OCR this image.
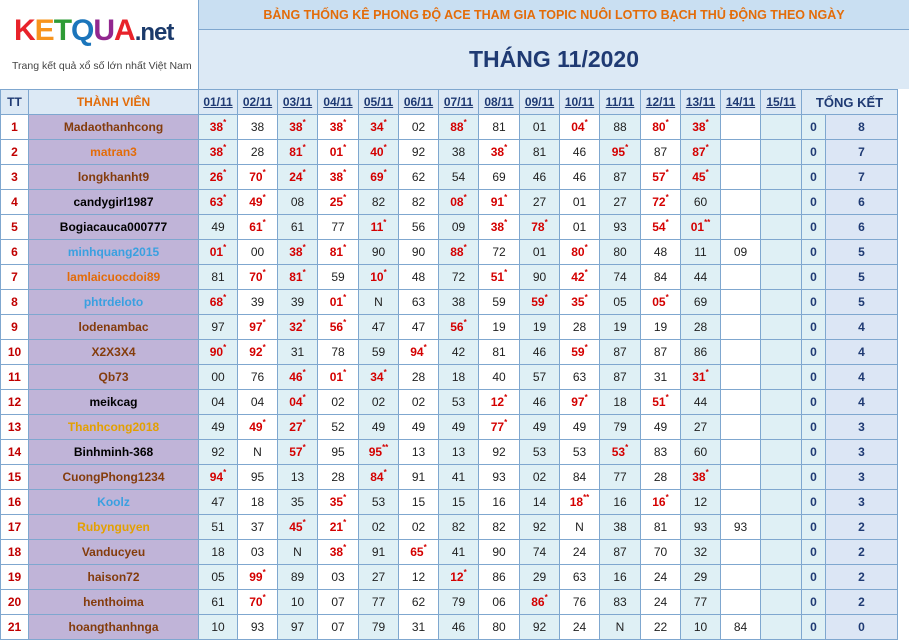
KETQUA.net
Trang kết quả xổ số lớn nhất Việt Nam
BẢNG THỐNG KÊ PHONG ĐỘ ACE THAM GIA TOPIC NUÔI LOTTO BẠCH THỦ ĐỘNG THEO NGÀY
THÁNG 11/2020
TT	THÀNH VIÊN	01/11	02/11	03/11	04/11	05/11	06/11	07/11	08/11	09/11	10/11	11/11	12/11	13/11	14/11	15/11	TỔNG KẾT	
1	Madaothanhcong	38*	38	38*	38*	34*	02	88*	81	01	04*	88	80*	38*			0	8
2	matran3	38*	28	81*	01*	40*	92	38	38*	81	46	95*	87	87*			0	7
3	longkhanht9	26*	70*	24*	38*	69*	62	54	69	46	46	87	57*	45*			0	7
4	candygirl1987	63*	49*	08	25*	82	82	08*	91*	27	01	27	72*	60			0	6
5	Bogiacauca000777	49	61*	61	77	11*	56	09	38*	78*	01	93	54*	01**			0	6
6	minhquang2015	01*	00	38*	81*	90	90	88*	72	01	80*	80	48	11	09		0	5
7	lamlaicuocdoi89	81	70*	81*	59	10*	48	72	51*	90	42*	74	84	44			0	5
8	phtrdeloto	68*	39	39	01*	N	63	38	59	59*	35*	05	05*	69			0	5
9	lodenambac	97	97*	32*	56*	47	47	56*	19	19	28	19	19	28			0	4
10	X2X3X4	90*	92*	31	78	59	94*	42	81	46	59*	87	87	86			0	4
11	Qb73	00	76	46*	01*	34*	28	18	40	57	63	87	31	31*			0	4
12	meikcag	04	04	04*	02	02	02	53	12*	46	97*	18	51*	44			0	4
13	Thanhcong2018	49	49*	27*	52	49	49	49	77*	49	49	79	49	27			0	3
14	Binhminh-368	92	N	57*	95	95**	13	13	92	53	53	53*	83	60			0	3
15	CuongPhong1234	94*	95	13	28	84*	91	41	93	02	84	77	28	38*			0	3
16	Koolz	47	18	35	35*	53	15	15	16	14	18**	16	16*	12			0	3
17	Rubynguyen	51	37	45*	21*	02	02	82	82	92	N	38	81	93	93		0	2
18	Vanducyeu	18	03	N	38*	91	65*	41	90	74	24	87	70	32			0	2
19	haison72	05	99*	89	03	27	12	12*	86	29	63	16	24	29			0	2
20	henthoima	61	70*	10	07	77	62	79	06	86*	76	83	24	77			0	2
21	hoangthanhnga	10	93	97	07	79	31	46	80	92	24	N	22	10	84		0	0
